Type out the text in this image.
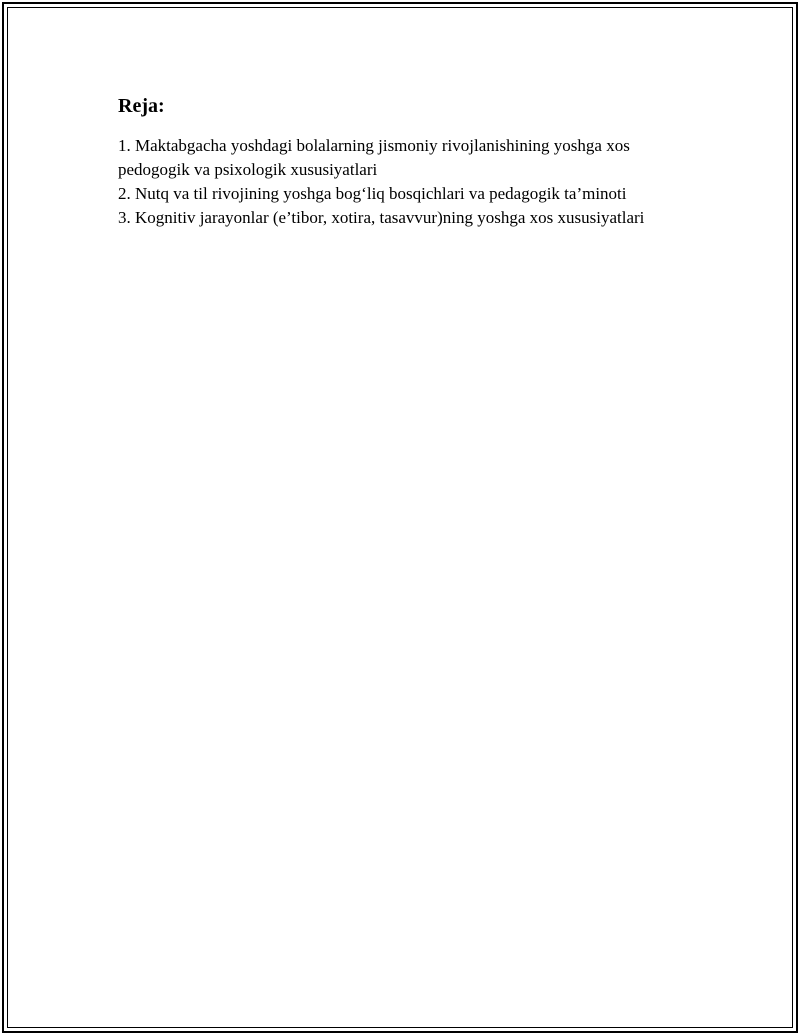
Reja:
1. Maktabgacha yoshdagi bolalarning jismoniy rivojlanishining yoshga xos pedogogik va psixologik xususiyatlari
2. Nutq va til rivojining yoshga bog‘liq bosqichlari va pedagogik ta’minoti
3. Kognitiv jarayonlar (e’tibor, xotira, tasavvur)ning yoshga xos xususiyatlari
